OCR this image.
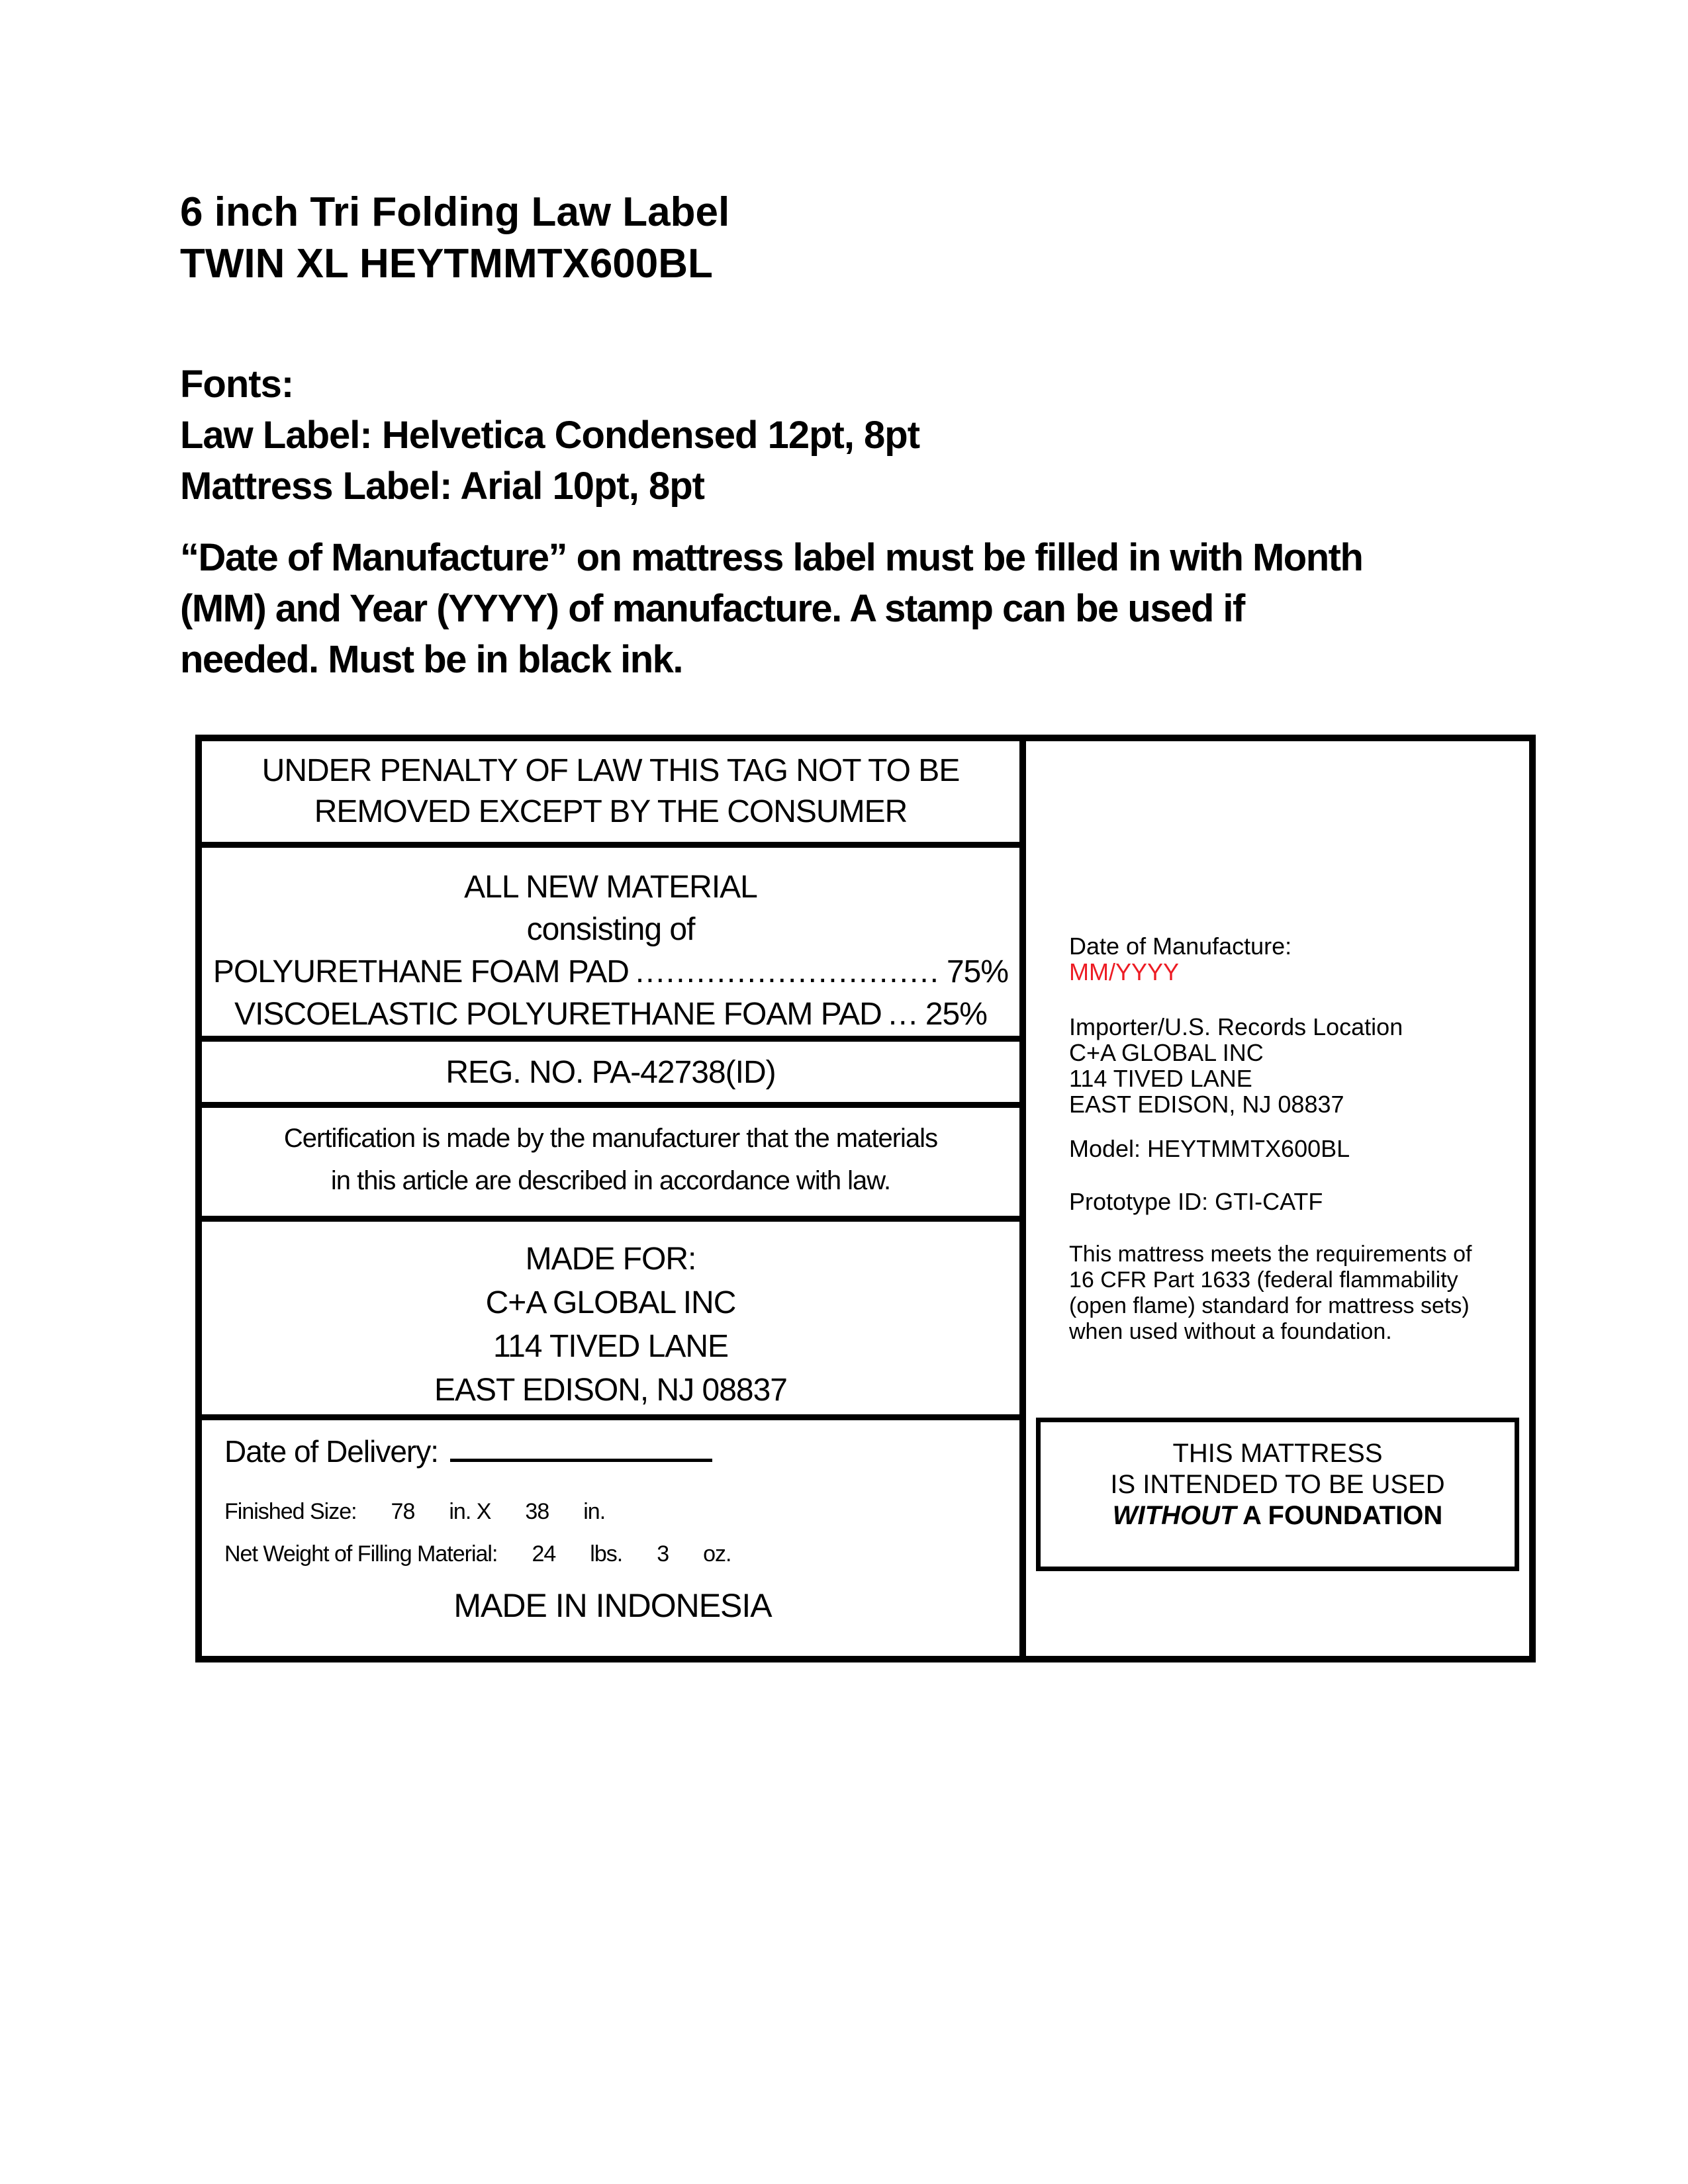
6 inch Tri Folding Law Label
TWIN XL HEYTMMTX600BL
Fonts:
Law Label: Helvetica Condensed 12pt, 8pt
Mattress Label: Arial 10pt, 8pt
“Date of Manufacture” on mattress label must be filled in with Month
(MM) and Year (YYYY) of manufacture. A stamp can be used if
needed. Must be in black ink.
UNDER PENALTY OF LAW THIS TAG NOT TO BE
REMOVED EXCEPT BY THE CONSUMER
ALL NEW MATERIAL
consisting of
POLYURETHANE FOAM PAD .............................. 75%
VISCOELASTIC POLYURETHANE FOAM PAD ... 25%
REG. NO. PA-42738(ID)
Certification is made by the manufacturer that the materials
in this article are described in accordance with law.
MADE FOR:
C+A GLOBAL INC
114 TIVED LANE
EAST EDISON, NJ 08837
Date of Delivery:
Finished Size: 78 in. X 38 in.
Net Weight of Filling Material: 24 lbs. 3 oz.
MADE IN INDONESIA
Date of Manufacture:
MM/YYYY
Importer/U.S. Records Location
C+A GLOBAL INC
114 TIVED LANE
EAST EDISON, NJ 08837
Model: HEYTMMTX600BL
Prototype ID: GTI-CATF
This mattress meets the requirements of
16 CFR Part 1633 (federal flammability
(open flame) standard for mattress sets)
when used without a foundation.
THIS MATTRESS
IS INTENDED TO BE USED
WITHOUT A FOUNDATION
